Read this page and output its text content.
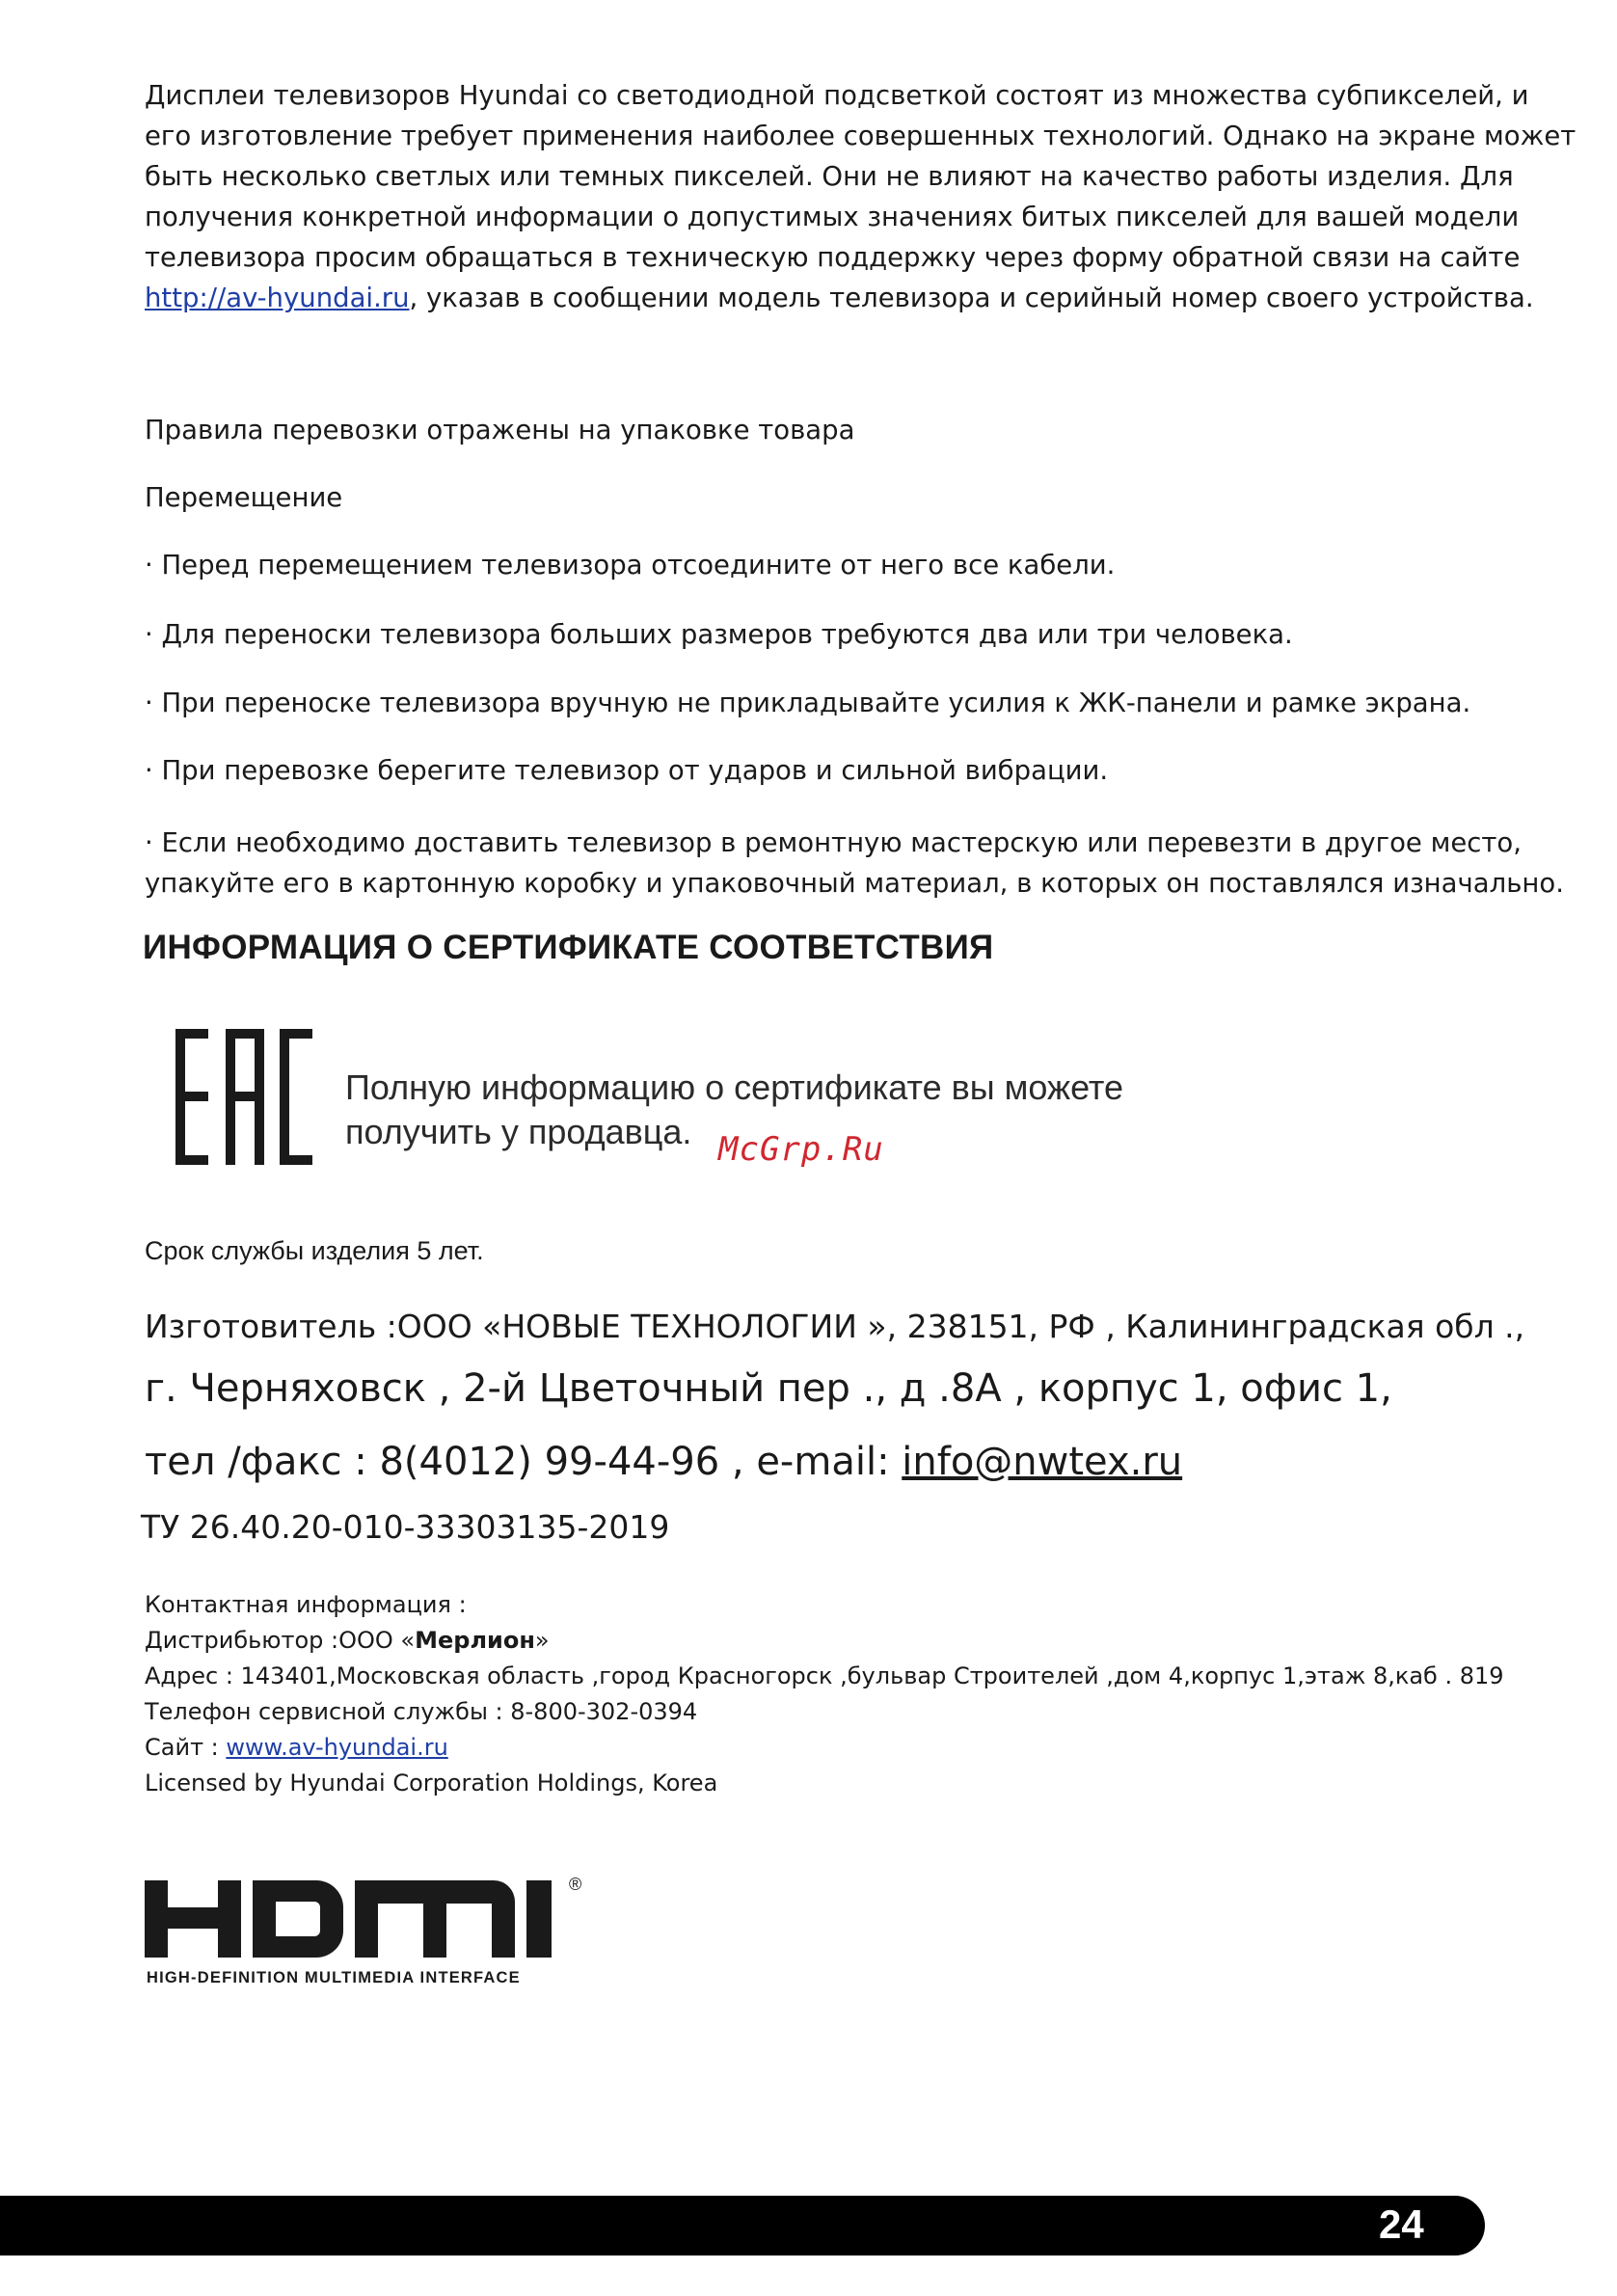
Дисплеи телевизоров Hyundai со светодиодной подсветкой состоят из множества субпикселей, и
его изготовление требует применения наиболее совершенных технологий. Однако на экране может
быть несколько светлых или темных пикселей. Они не влияют на качество работы изделия. Для
получения конкретной информации о допустимых значениях битых пикселей для вашей модели
телевизора просим обращаться в техническую поддержку через форму обратной связи на сайте
http://av-hyundai.ru, указав в сообщении модель телевизора и серийный номер своего устройства.
Правила перевозки отражены на упаковке товара
Перемещение
· Перед перемещением телевизора отсоедините от него все кабели.
· Для переноски телевизора больших размеров требуются два или три человека.
· При переноске телевизора вручную не прикладывайте усилия к ЖК-панели и рамке экрана.
· При перевозке берегите телевизор от ударов и сильной вибрации.
· Если необходимо доставить телевизор в ремонтную мастерскую или перевезти в другое место,
упакуйте его в картонную коробку и упаковочный материал, в которых он поставлялся изначально.
ИНФОРМАЦИЯ О СЕРТИФИКАТЕ СООТВЕТСТВИЯ
Полную информацию о сертификате вы можете
получить у продавца. McGrp.Ru
Срок службы изделия 5 лет.
Изготовитель :ООО «НОВЫЕ ТЕХНОЛОГИИ », 238151, РФ , Калининградская обл .,
г. Черняховск , 2-й Цветочный пер ., д .8А , корпус 1, офис 1,
тел /факс : 8(4012) 99-44-96 , e-mail: info@nwtex.ru
ТУ 26.40.20-010-33303135-2019
Контактная информация :
Дистрибьютор :ООО «Мерлион»
Адрес : 143401,Московская область ,город Красногорск ,бульвар Строителей ,дом 4,корпус 1,этаж 8,каб . 819
Телефон сервисной службы : 8-800-302-0394
Сайт : www.av-hyundai.ru
Licensed by Hyundai Corporation Holdings, Korea
®
HIGH-DEFINITION MULTIMEDIA INTERFACE
24
